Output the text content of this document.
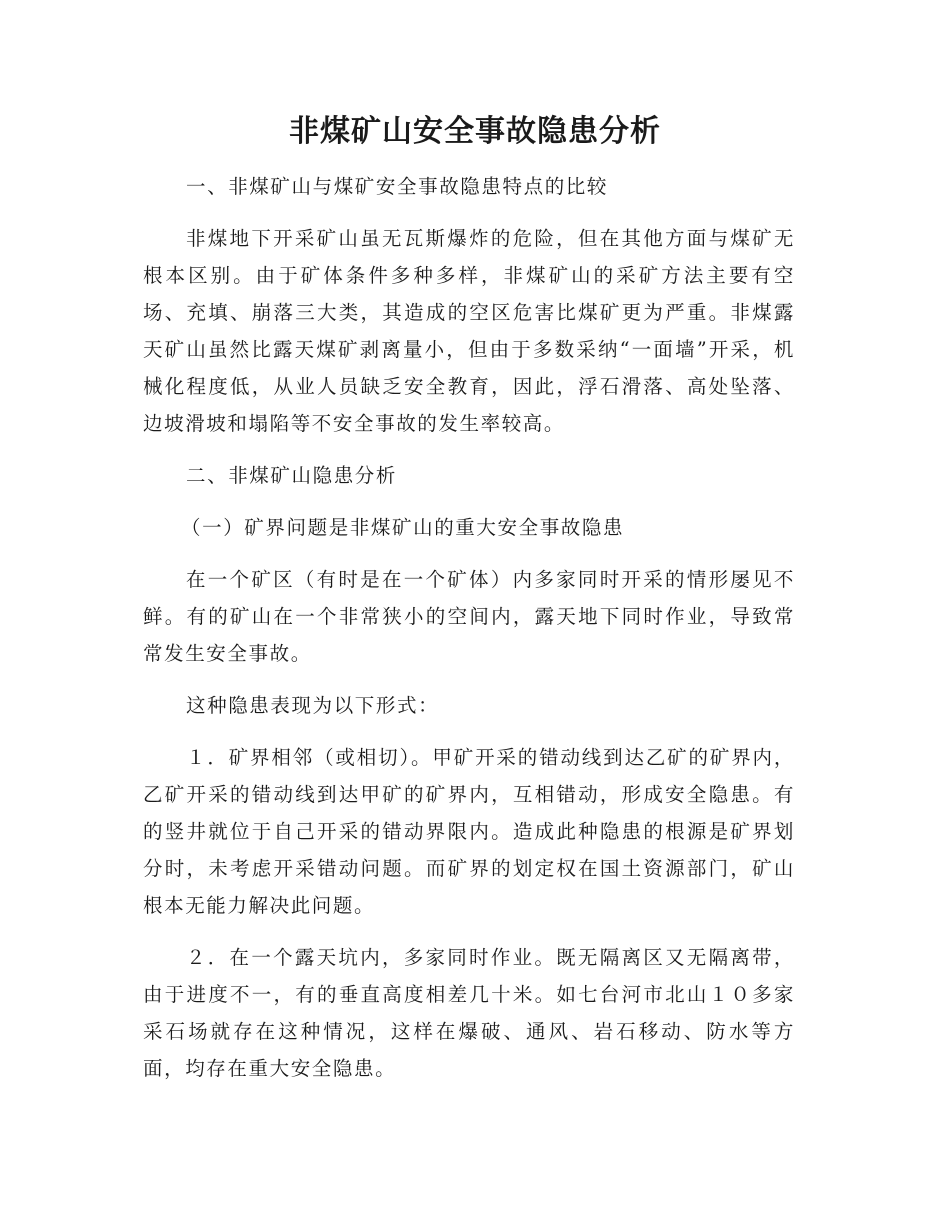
非煤矿山安全事故隐患分析

一、非煤矿山与煤矿安全事故隐患特点的比较

非煤地下开采矿山虽无瓦斯爆炸的危险，但在其他方面与煤矿无根本区别。由于矿体条件多种多样，非煤矿山的采矿方法主要有空场、充填、崩落三大类，其造成的空区危害比煤矿更为严重。非煤露天矿山虽然比露天煤矿剥离量小，但由于多数采纳“一面墙”开采，机械化程度低，从业人员缺乏安全教育，因此，浮石滑落、高处坠落、边坡滑坡和塌陷等不安全事故的发生率较高。

二、非煤矿山隐患分析

（一）矿界问题是非煤矿山的重大安全事故隐患

在一个矿区（有时是在一个矿体）内多家同时开采的情形屡见不鲜。有的矿山在一个非常狭小的空间内，露天地下同时作业，导致常常发生安全事故。

这种隐患表现为以下形式：

１．矿界相邻（或相切）。甲矿开采的错动线到达乙矿的矿界内，乙矿开采的错动线到达甲矿的矿界内，互相错动，形成安全隐患。有的竖井就位于自己开采的错动界限内。造成此种隐患的根源是矿界划分时，未考虑开采错动问题。而矿界的划定权在国土资源部门，矿山根本无能力解决此问题。

２．在一个露天坑内，多家同时作业。既无隔离区又无隔离带，由于进度不一，有的垂直高度相差几十米。如七台河市北山１０多家采石场就存在这种情况，这样在爆破、通风、岩石移动、防水等方面，均存在重大安全隐患。
